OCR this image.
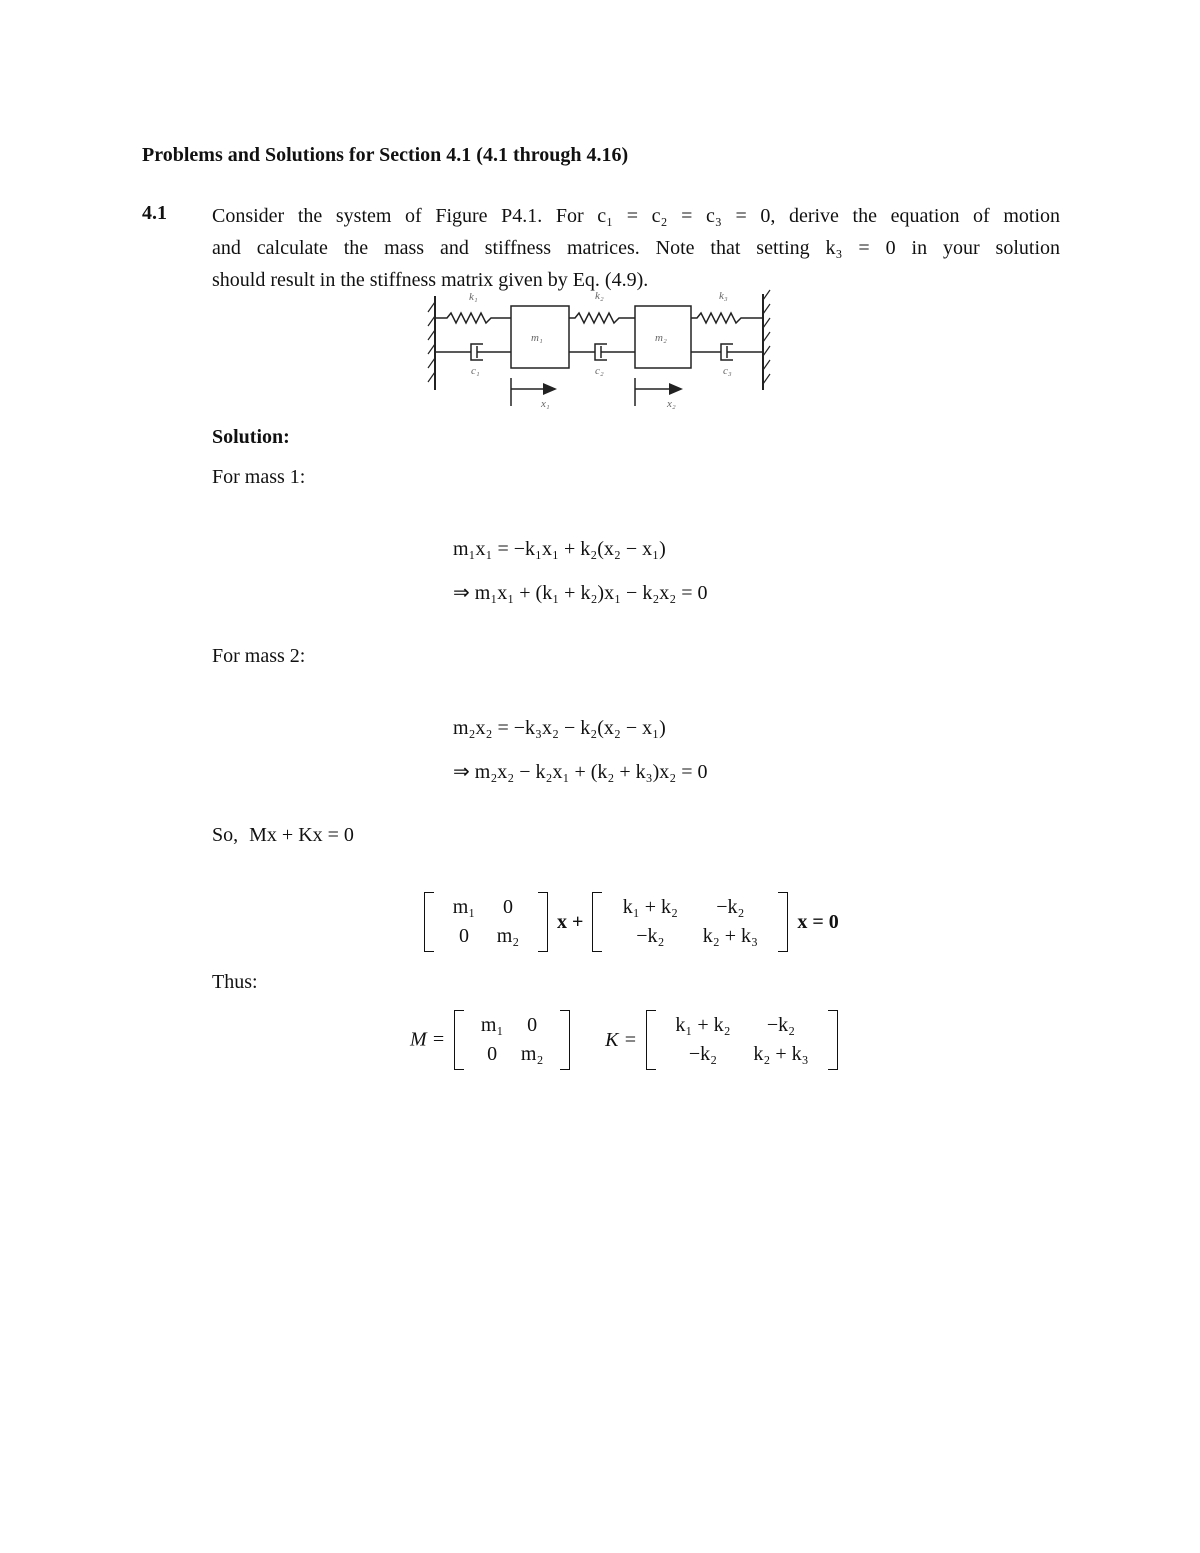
Problems and Solutions for Section 4.1 (4.1 through 4.16)
4.1 Consider the system of Figure P4.1. For c₁ = c₂ = c₃ = 0, derive the equation of motion
and calculate the mass and stiffness matrices. Note that setting k₃ = 0 in your solution
should result in the stiffness matrix given by Eq. (4.9).
k₁	k₂	k₃
m₁	m₂
c₁	c₂	c₃
x₁	x₂
Solution:
For mass 1:
m₁x₁ = −k₁x₁ + k₂(x₂ − x₁)
⇒ m₁x₁ + (k₁ + k₂)x₁ − k₂x₂ = 0
For mass 2:
m₂x₂ = −k₃x₂ − k₂(x₂ − x₁)
⇒ m₂x₂ − k₂x₁ + (k₂ + k₃)x₂ = 0
So, Mx + Kx = 0
m₁	0
0	m₂
x +
k₁ + k₂	−k₂
−k₂	k₂ + k₃
x = 0
Thus:
M =
m₁	0
0	m₂
K =
k₁ + k₂	−k₂
−k₂	k₂ + k₃
